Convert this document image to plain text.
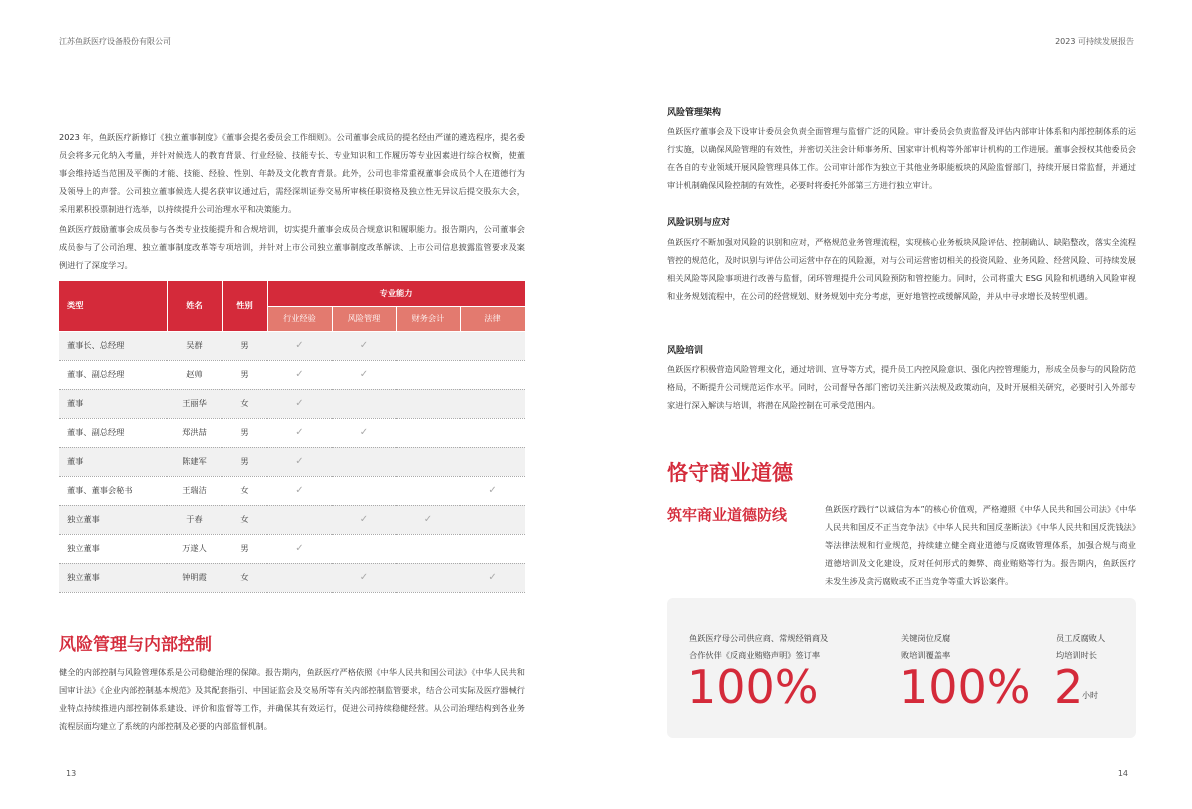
江苏鱼跃医疗设备股份有限公司	2023 可持续发展报告
2023 年，鱼跃医疗新修订《独立董事制度》《董事会提名委员会工作细则》。公司董事会成员的提名经由严谨的遴选程序，提名委员会将多元化纳入考量，并针对候选人的教育背景、行业经验、技能专长、专业知识和工作履历等专业因素进行综合权衡，使董事会维持适当范围及平衡的才能、技能、经验、性别、年龄及文化教育背景。此外，公司也非常重视董事会成员个人在道德行为及领导上的声誉。公司独立董事候选人提名获审议通过后，需经深圳证券交易所审核任职资格及独立性无异议后提交股东大会，采用累积投票制进行选举，以持续提升公司治理水平和决策能力。
鱼跃医疗鼓励董事会成员参与各类专业技能提升和合规培训，切实提升董事会成员合规意识和履职能力。报告期内，公司董事会成员参与了公司治理、独立董事制度改革等专项培训，并针对上市公司独立董事制度改革解读、上市公司信息披露监管要求及案例进行了深度学习。
类型	姓名	性别	专业能力			
			行业经验	风险管理	财务会计	法律
董事长、总经理	吴群	男	✓	✓		
董事、副总经理	赵帅	男	✓	✓		
董事	王丽华	女	✓			
董事、副总经理	郑洪喆	男	✓	✓		
董事	陈建军	男	✓			
董事、董事会秘书	王瑞洁	女	✓			✓
独立董事	于春	女		✓	✓	
独立董事	万遂人	男	✓			
独立董事	钟明霞	女		✓		✓
风险管理与内部控制
健全的内部控制与风险管理体系是公司稳健治理的保障。报告期内，鱼跃医疗严格依照《中华人民共和国公司法》《中华人民共和国审计法》《企业内部控制基本规范》及其配套指引、中国证监会及交易所等有关内部控制监管要求，结合公司实际及医疗器械行业特点持续推进内部控制体系建设、评价和监督等工作，并确保其有效运行，促进公司持续稳健经营。从公司治理结构到各业务流程层面均建立了系统的内部控制及必要的内部监督机制。
风险管理架构
鱼跃医疗董事会及下设审计委员会负责全面管理与监督广泛的风险。审计委员会负责监督及评估内部审计体系和内部控制体系的运行实施，以确保风险管理的有效性，并密切关注会计师事务所、国家审计机构等外部审计机构的工作进展。董事会授权其他委员会在各自的专业领域开展风险管理具体工作。公司审计部作为独立于其他业务职能板块的风险监督部门，持续开展日常监督，并通过审计机制确保风险控制的有效性，必要时将委托外部第三方进行独立审计。
风险识别与应对
鱼跃医疗不断加强对风险的识别和应对，严格规范业务管理流程，实现核心业务板块风险评估、控制确认、缺陷整改，落实全流程管控的规范化，及时识别与评估公司运营中存在的风险源，对与公司运营密切相关的投资风险、业务风险、经营风险、可持续发展相关风险等风险事项进行改善与监督，闭环管理提升公司风险预防和管控能力。同时，公司将重大 ESG 风险和机遇纳入风险审视和业务规划流程中，在公司的经营规划、财务规划中充分考虑，更好地管控或缓解风险，并从中寻求增长及转型机遇。
风险培训
鱼跃医疗积极营造风险管理文化，通过培训、宣导等方式，提升员工内控风险意识、强化内控管理能力，形成全员参与的风险防范格局，不断提升公司规范运作水平。同时，公司督导各部门密切关注新兴法规及政策动向，及时开展相关研究，必要时引入外部专家进行深入解读与培训，将潜在风险控制在可承受范围内。
恪守商业道德
筑牢商业道德防线	鱼跃医疗践行“以诚信为本”的核心价值观，严格遵照《中华人民共和国公司法》《中华人民共和国反不正当竞争法》《中华人民共和国反垄断法》《中华人民共和国反洗钱法》等法律法规和行业规范，持续建立健全商业道德与反腐败管理体系，加强合规与商业道德培训及文化建设，反对任何形式的舞弊、商业贿赂等行为。报告期内，鱼跃医疗未发生涉及贪污腐败或不正当竞争等重大诉讼案件。
鱼跃医疗母公司供应商、常规经销商及
合作伙伴《反商业贿赂声明》签订率
100%
关键岗位反腐
败培训覆盖率
100%
员工反腐败人
均培训时长
2
小时
13	14
